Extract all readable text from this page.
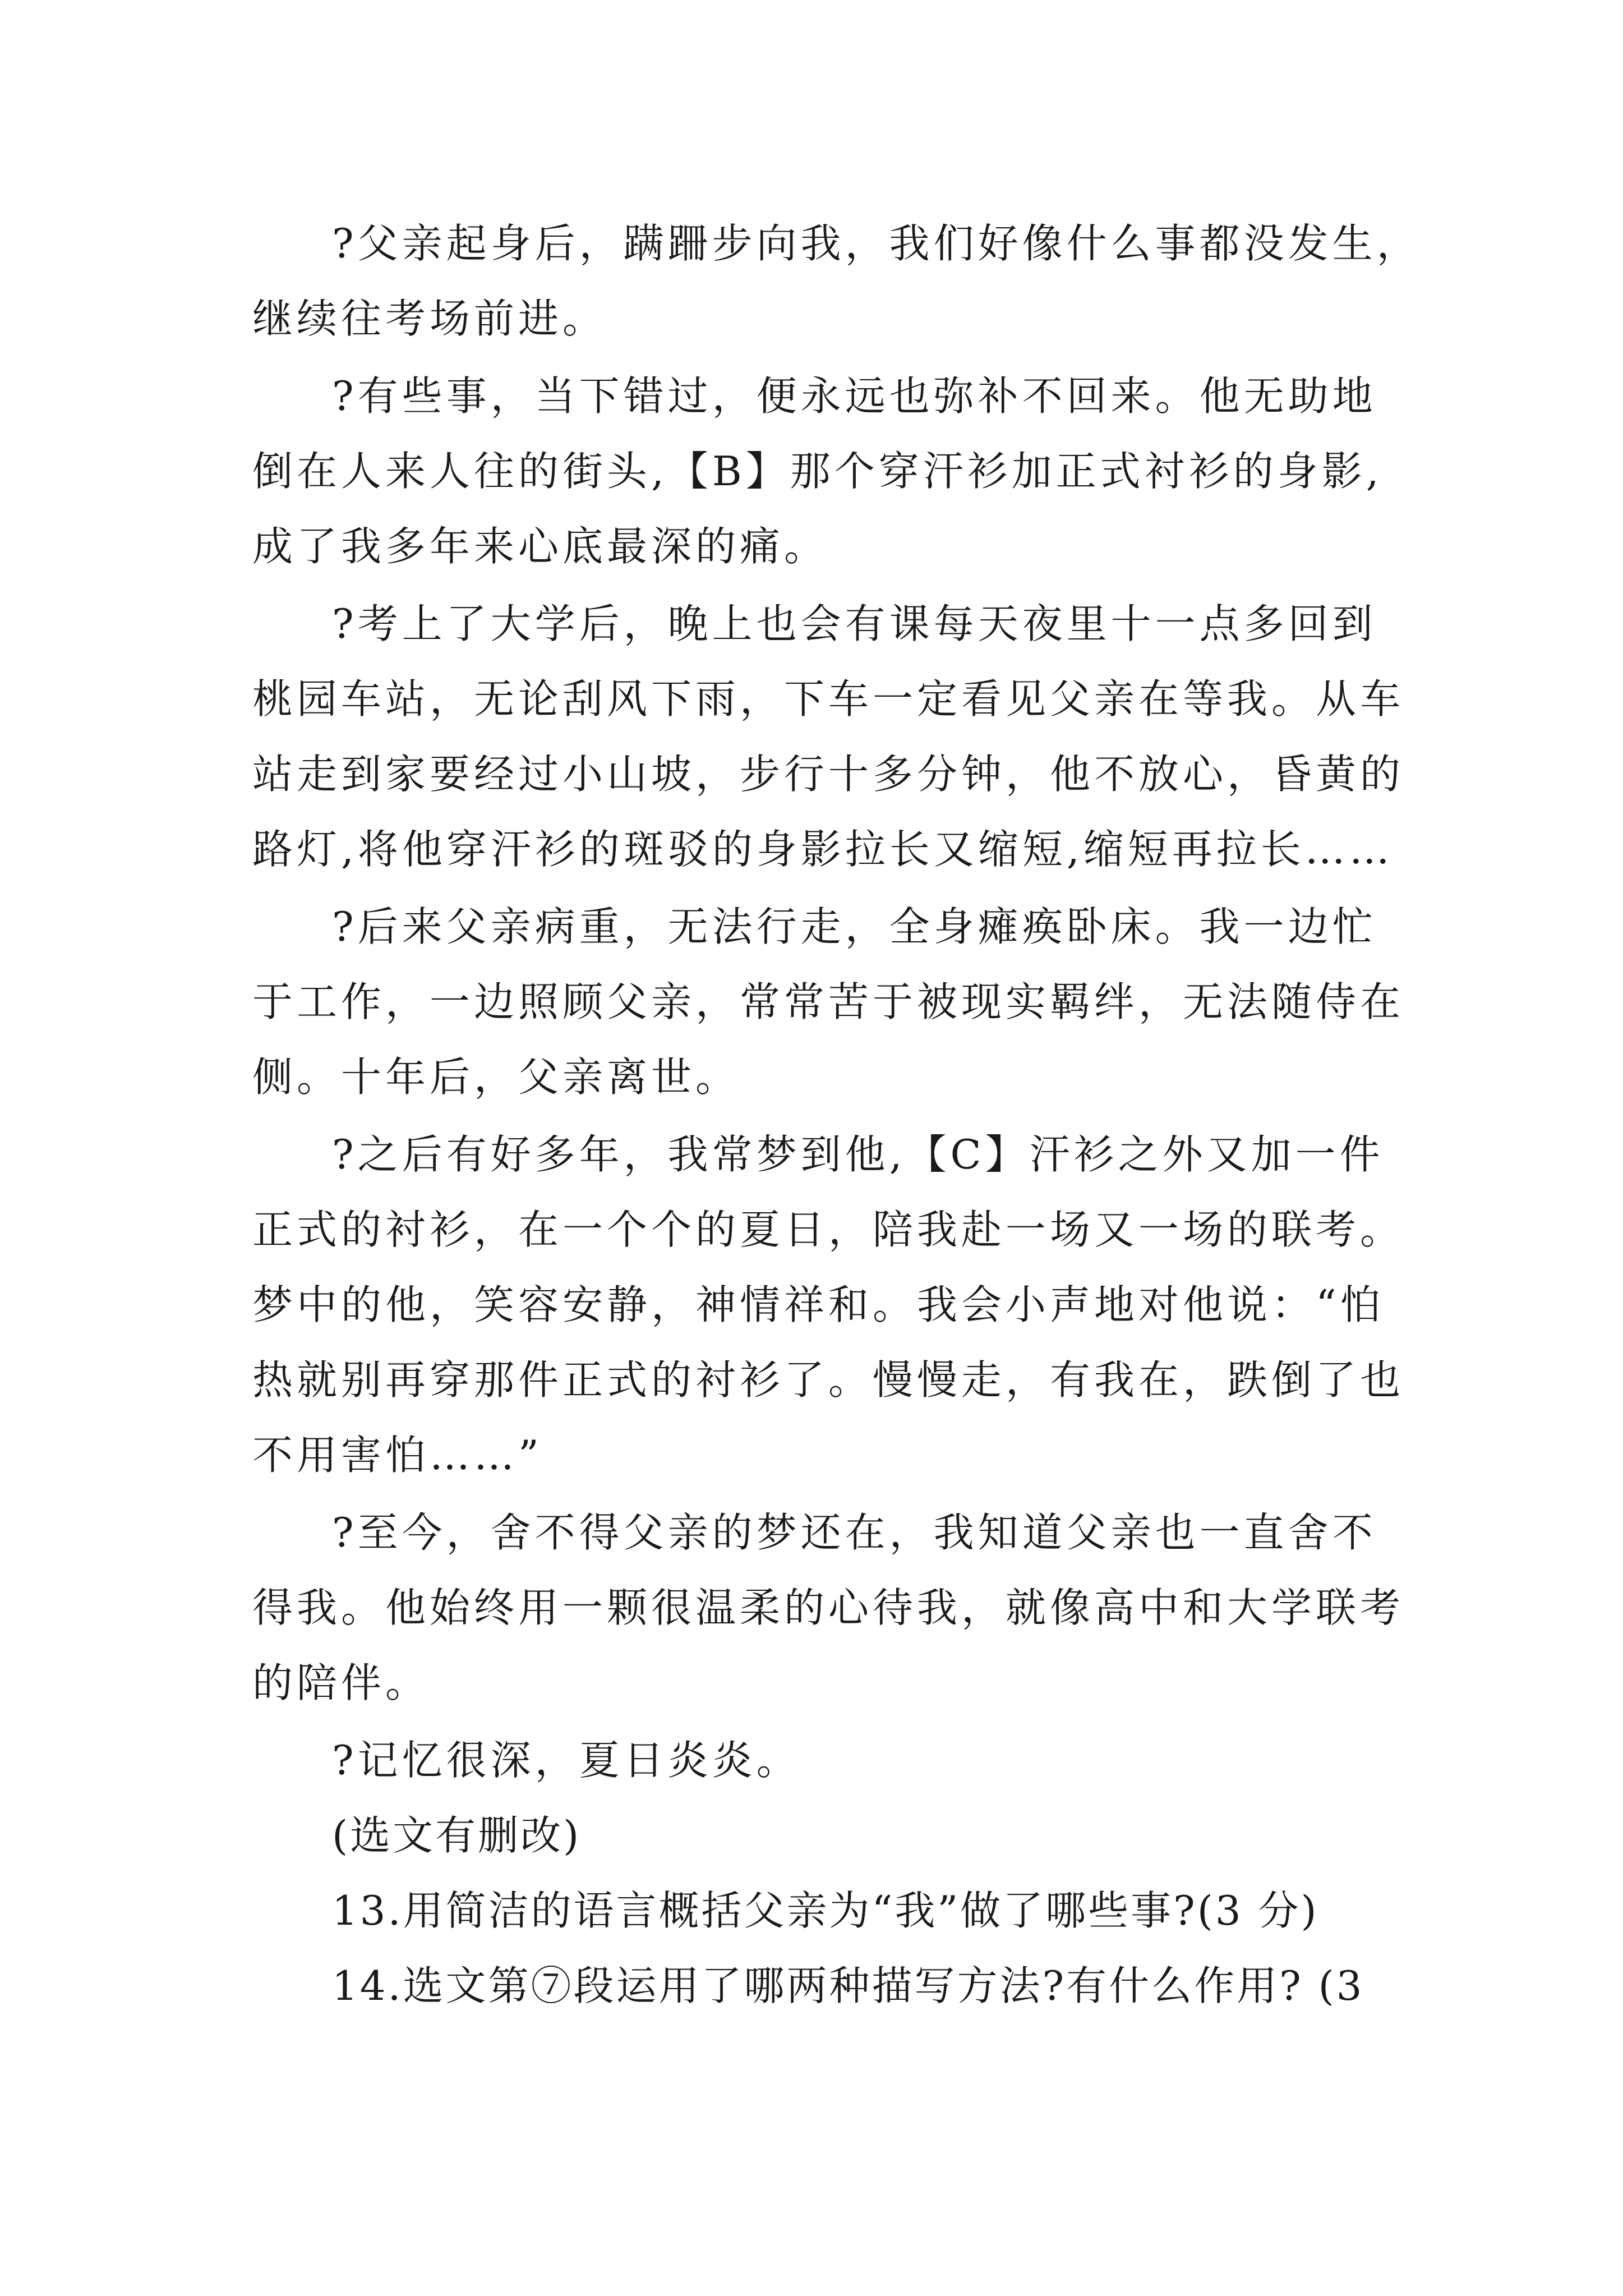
?父亲起身后，蹒跚步向我，我们好像什么事都没发生，
继续往考场前进。
?有些事，当下错过，便永远也弥补不回来。他无助地
倒在人来人往的街头,【B】那个穿汗衫加正式衬衫的身影,
成了我多年来心底最深的痛。
?考上了大学后，晚上也会有课每天夜里十一点多回到
桃园车站，无论刮风下雨，下车一定看见父亲在等我。从车
站走到家要经过小山坡，步行十多分钟，他不放心，昏黄的
路灯,将他穿汗衫的斑驳的身影拉长又缩短,缩短再拉长……
?后来父亲病重，无法行走，全身瘫痪卧床。我一边忙
于工作，一边照顾父亲，常常苦于被现实羁绊，无法随侍在
侧。十年后，父亲离世。
?之后有好多年，我常梦到他,【C】汗衫之外又加一件
正式的衬衫，在一个个的夏日，陪我赴一场又一场的联考。
梦中的他，笑容安静，神情祥和。我会小声地对他说：“怕
热就别再穿那件正式的衬衫了。慢慢走，有我在，跌倒了也
不用害怕……”
?至今，舍不得父亲的梦还在，我知道父亲也一直舍不
得我。他始终用一颗很温柔的心待我，就像高中和大学联考
的陪伴。
?记忆很深，夏日炎炎。
(选文有删改)
13.用简洁的语言概括父亲为“我”做了哪些事?(3 分)
14.选文第⑦段运用了哪两种描写方法?有什么作用? (3
